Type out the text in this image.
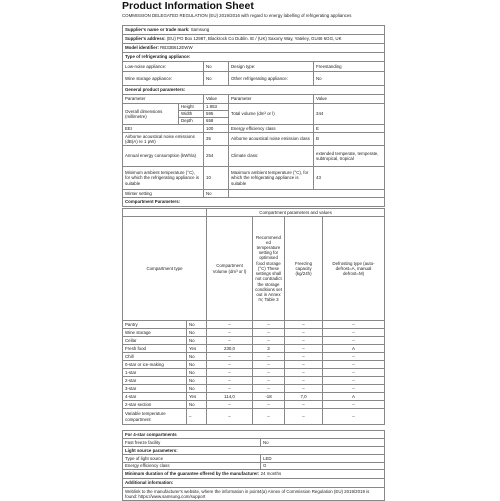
Product Information Sheet
COMMISSION DELEGATED REGULATION (EU) 2019/2016 with regard to energy labelling of refrigerating appliances
Supplier's name or trade mark: Samsung				
Supplier's address: (EU) PO Box 12987, Blackrock Co Dublin. IE / (UK) Saxony Way, Yateley, GU46 6GG, UK				
Model identifier: RB33B612EWW				
Type of refrigerating appliance:				
Low-noise appliance:		No	Design type:	Freestanding
Wine storage appliance:		No	Other refrigerating appliance:	No
General product parameters:				
Parameter		Value	Parameter	Value
Overall dimensions (millimetre)	Height	1 853	Total volume (dm³ or l)	344
	Width	595		
	Depth	658		
EEI		100	Energy efficiency class	E
Airborne acoustical noise emissions (dB(A) re 1 pW)		35	Airborne acoustical noise emission class	B
Annual energy consumption (kWh/a)		254	Climate class:	extended temperate, temperate, subtropical, tropical
Minimum ambient temperature (°C), for which the refrigerating appliance is suitable		10	Maximum ambient temperature (°C), for which the refrigerating appliance is suitable	43
Winter setting		No		
Compartment Parameters:				
		Compartment parameters and values			
Compartment type		Compartment Volume (dm³ or l)	Recommended temperature setting for optimised food storage (°C) These settings shall not contradict the storage conditions set out in Annex IV, Table 3	Freezing capacity (kg/24h)	Defrosting type (auto-defrost=A, manual defrost=M)
Pantry	No	–	–	–	–
Wine storage	No	–	–	–	–
Cellar	No	–	–	–	–
Fresh food	Yes	230,0	3	–	A
Chill	No	–	–	–	–
0-star or ice-making	No	–	–	–	–
1-star	No	–	–	–	–
2-star	No	–	–	–	–
3-star	No	–	–	–	–
4-star	Yes	114,0	-18	7,0	A
2-star section	No	–	–	–	–
Variable temperature compartment	–	–	–	–	–
For 4-star compartments	
Fast freeze facility	No
Light source parameters:	
Type of light source	LED
Energy efficiency class	G
Minimum duration of the guarantee offered by the manufacturer: 24 months	
Additional information:	
Weblink to the manufacturer's website, where the information in point4(a) Annex of Commission Regulation (EU) 2019/2019 is found: https://www.samsung.com/support	
